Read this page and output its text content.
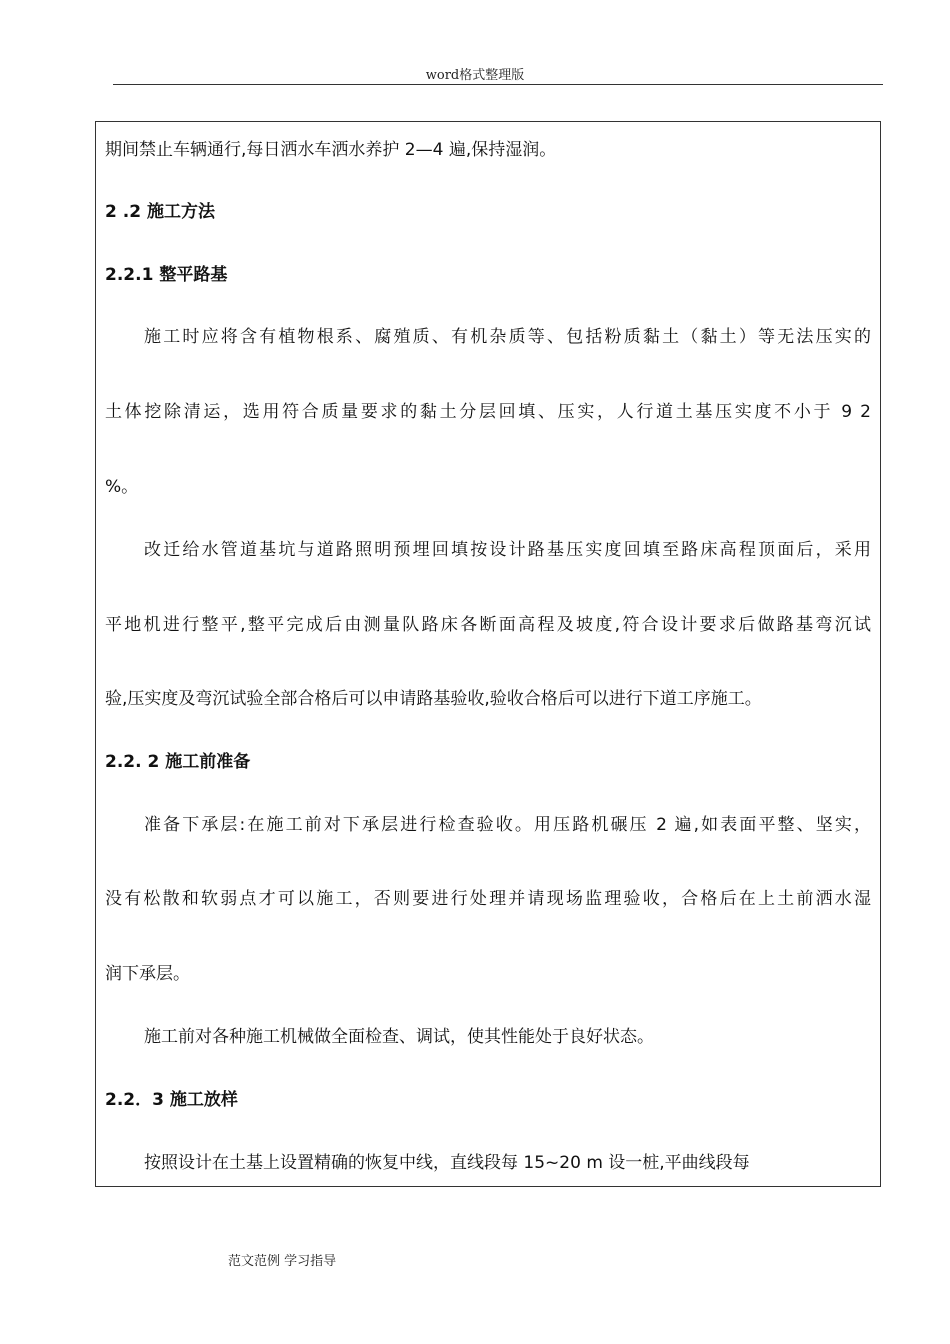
word格式整理版
期间禁止车辆通行,每日洒水车洒水养护 2—4 遍,保持湿润。
2 .2 施工方法
2.2.1 整平路基
施工时应将含有植物根系、腐殖质、有机杂质等、包括粉质黏土（黏土）等无法压实的
土体挖除清运，选用符合质量要求的黏土分层回填、压实，人行道土基压实度不小于 9 2
%。
改迁给水管道基坑与道路照明预埋回填按设计路基压实度回填至路床高程顶面后，采用
平地机进行整平,整平完成后由测量队路床各断面高程及坡度,符合设计要求后做路基弯沉试
验,压实度及弯沉试验全部合格后可以申请路基验收,验收合格后可以进行下道工序施工。
2.2. 2 施工前准备
准备下承层:在施工前对下承层进行检查验收。用压路机碾压 2 遍,如表面平整、坚实，
没有松散和软弱点才可以施工，否则要进行处理并请现场监理验收，合格后在上土前洒水湿
润下承层。
施工前对各种施工机械做全面检查、调试，使其性能处于良好状态。
2.2．3 施工放样
按照设计在土基上设置精确的恢复中线，直线段每 15~20 m 设一桩,平曲线段每
范文范例 学习指导
